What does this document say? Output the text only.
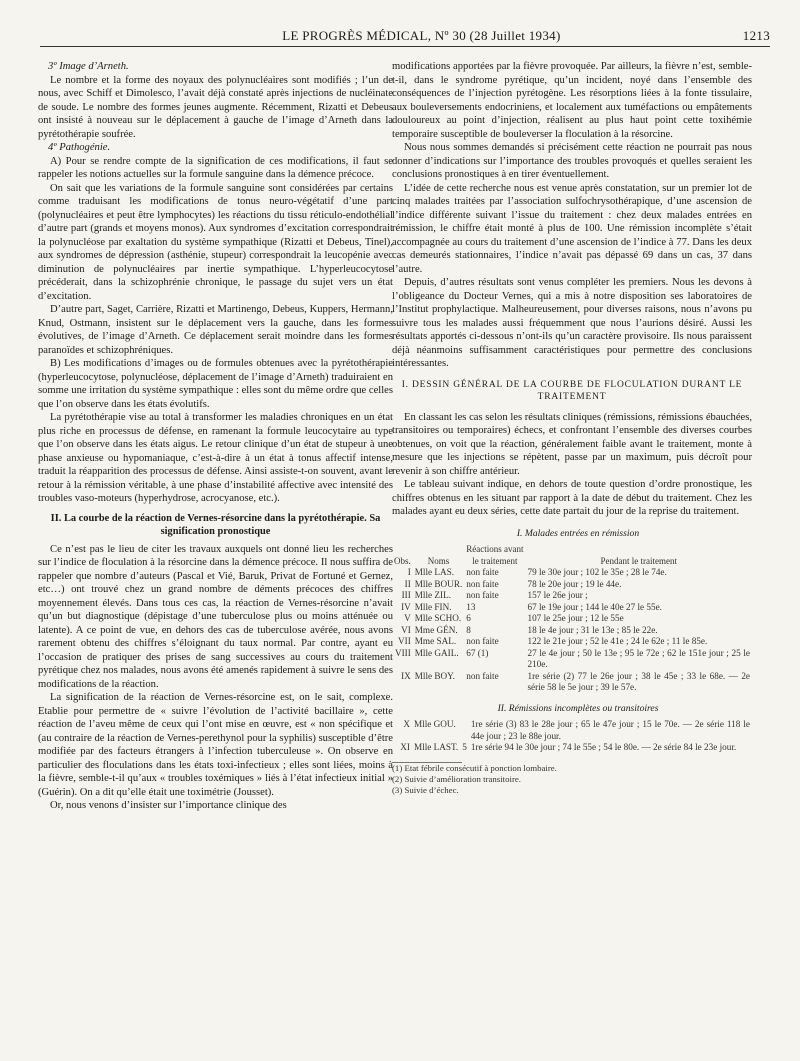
LE PROGRÈS MÉDICAL, Nº 30 (28 Juillet 1934)	1213

3º Image d’Arneth.

Le nombre et la forme des noyaux des polynucléaires sont modifiés ; l’un de nous, avec Schiff et Dimolesco, l’avait déjà constaté après injections de nucléinate de soude. Le nombre des formes jeunes augmente. Récemment, Rizatti et Debeus ont insisté à nouveau sur le déplacement à gauche de l’image d’Arneth dans la pyrétothérapie soufrée.

4º Pathogénie.

A) Pour se rendre compte de la signification de ces modifications, il faut se rappeler les notions actuelles sur la formule sanguine dans la démence précoce.

On sait que les variations de la formule sanguine sont considérées par certains comme traduisant les modifications de tonus neuro-végétatif d’une part (polynucléaires et peut être lymphocytes) les réactions du tissu réticulo-endothélial d’autre part (grands et moyens monos). Aux syndromes d’excitation correspondrait la polynucléose par exaltation du système sympathique (Rizatti et Debeus, Tinel), aux syndromes de dépression (asthénie, stupeur) correspondrait la leucopénie avec diminution de polynucléaires par inertie sympathique. L’hyperleucocytose précéderait, dans la schizophrénie chronique, le passage du sujet vers un état d’excitation.

D’autre part, Saget, Carrière, Rizatti et Martinengo, Debeus, Kuppers, Hermann, Knud, Ostmann, insistent sur le déplacement vers la gauche, dans les formes évolutives, de l’image d’Arneth. Ce déplacement serait moindre dans les formes paranoïdes et schizophréniques.

B) Les modifications d’images ou de formules obtenues avec la pyrétothérapie (hyperleucocytose, polynucléose, déplacement de l’image d’Arneth) traduiraient en somme une irritation du système sympathique : elles sont du même ordre que celles que l’on observe dans les états évolutifs.

La pyrétothérapie vise au total à transformer les maladies chroniques en un état plus riche en processus de défense, en ramenant la formule leucocytaire au type que l’on observe dans les états aigus. Le retour clinique d’un état de stupeur à une phase anxieuse ou hypomaniaque, c’est-à-dire à un état à tonus affectif intense, traduit la réapparition des processus de défense. Ainsi assiste-t-on souvent, avant le retour à la rémission véritable, à une phase d’instabilité affective avec intensité des troubles vaso-moteurs (hyperhydrose, acrocyanose, etc.).

II. La courbe de la réaction de Vernes-résorcine dans la pyrétothérapie. Sa signification pronostique

Ce n’est pas le lieu de citer les travaux auxquels ont donné lieu les recherches sur l’indice de floculation à la résorcine dans la démence précoce. Il nous suffira de rappeler que nombre d’auteurs (Pascal et Vié, Baruk, Privat de Fortuné et Gernez, etc…) ont trouvé chez un grand nombre de déments précoces des chiffres moyennement élevés. Dans tous ces cas, la réaction de Vernes-résorcine n’avait qu’un but diagnostique (dépistage d’une tuberculose plus ou moins atténuée ou latente). A ce point de vue, en dehors des cas de tuberculose avérée, nous avons rarement obtenu des chiffres s’éloignant du taux normal. Par contre, ayant eu l’occasion de pratiquer des prises de sang successives au cours du traitement pyrétique chez nos malades, nous avons été amenés rapidement à suivre le sens des modifications de la réaction.

La signification de la réaction de Vernes-résorcine est, on le sait, complexe. Etablie pour permettre de « suivre l’évolution de l’activité bacillaire », cette réaction de l’aveu même de ceux qui l’ont mise en œuvre, est « non spécifique et (au contraire de la réaction de Vernes-perethynol pour la syphilis) susceptible d’être modifiée par des facteurs étrangers à l’infection tuberculeuse ». On observe en particulier des floculations dans les états toxi-infectieux ; elles sont liées, moins à la fièvre, semble-t-il qu’aux « troubles toxémiques » liés à l’état infectieux initial » (Guérin). On a dit qu’elle était une toximétrie (Jousset).

Or, nous venons d’insister sur l’importance clinique des

modifications apportées par la fièvre provoquée. Par ailleurs, la fièvre n’est, semble-t-il, dans le syndrome pyrétique, qu’un incident, noyé dans l’ensemble des conséquences de l’injection pyrétogène. Les résorptions liées à la fonte tissulaire, aux bouleversements endocriniens, et localement aux tuméfactions ou empâtements douloureux au point d’injection, réalisent au plus haut point cette toxihémie temporaire susceptible de bouleverser la floculation à la résorcine.

Nous nous sommes demandés si précisément cette réaction ne pourrait pas nous donner d’indications sur l’importance des troubles provoqués et quelles seraient les conclusions pronostiques à en tirer éventuellement.

L’idée de cette recherche nous est venue après constatation, sur un premier lot de cinq malades traitées par l’association sulfochrysothérapique, d’une ascension de l’indice différente suivant l’issue du traitement : chez deux malades entrées en rémission, le chiffre était monté à plus de 100. Une rémission incomplète s’était accompagnée au cours du traitement d’une ascension de l’indice à 77. Dans les deux cas demeurés stationnaires, l’indice n’avait pas dépassé 69 dans un cas, 37 dans l’autre.

Depuis, d’autres résultats sont venus compléter les premiers. Nous les devons à l’obligeance du Docteur Vernes, qui a mis à notre disposition ses laboratoires de l’Institut prophylactique. Malheureusement, pour diverses raisons, nous n’avons pu suivre tous les malades aussi fréquemment que nous l’aurions désiré. Aussi les résultats apportés ci-dessous n’ont-ils qu’un caractère provisoire. Ils nous paraissent déjà néanmoins suffisamment caractéristiques pour permettre des conclusions intéressantes.

I. DESSIN GÉNÉRAL DE LA COURBE DE FLOCULATION DURANT LE TRAITEMENT

En classant les cas selon les résultats cliniques (rémissions, rémissions ébauchées, transitoires ou temporaires) échecs, et confrontant l’ensemble des diverses courbes obtenues, on voit que la réaction, généralement faible avant le traitement, monte à mesure que les injections se répètent, passe par un maximum, puis décroît pour revenir à son chiffre antérieur.

Le tableau suivant indique, en dehors de toute question d’ordre pronostique, les chiffres obtenus en les situant par rapport à la date de début du traitement. Chez les malades ayant eu deux séries, cette date partait du jour de la reprise du traitement.

I. Malades entrées en rémission

		Réactions avant	
Obs.	Noms	le traitement	Pendant le traitement
I	Mlle LAS.	non faite	79 le 30e jour ; 102 le 35e ; 28 le 74e.
II	Mlle BOUR.	non faite	78 le 20e jour ; 19 le 44e.
III	Mlle ZIL.	non faite	157 le 26e jour ;
IV	Mlle FIN.	13	67 le 19e jour ; 144 le 40e 27 le 55e.
V	Mlle SCHO.	6	107 le 25e jour ; 12 le 55e
VI	Mme GÉN.	8	18 le 4e jour ; 31 le 13e ; 85 le 22e.
VII	Mme SAL.	non faite	122 le 21e jour ; 52 le 41e ; 24 le 62e ; 11 le 85e.
VIII	Mlle GAIL.	67 (1)	27 le 4e jour ; 50 le 13e ; 95 le 72e ; 62 le 151e jour ; 25 le 210e.
IX	Mlle BOY.	non faite	1re série (2) 77 le 26e jour ; 38 le 45e ; 33 le 68e. — 2e série 58 le 5e jour ; 39 le 57e.

II. Rémissions incomplètes ou transitoires

X	Mlle GOU.		1re série (3) 83 le 28e jour ; 65 le 47e jour ; 15 le 70e. — 2e série 118 le 44e jour ; 23 le 88e jour.
XI	Mlle LAST.	5	1re série 94 le 30e jour ; 74 le 55e ; 54 le 80e. — 2e série 84 le 23e jour.

(1) Etat fébrile consécutif à ponction lombaire.

(2) Suivie d’amélioration transitoire.

(3) Suivie d’échec.
